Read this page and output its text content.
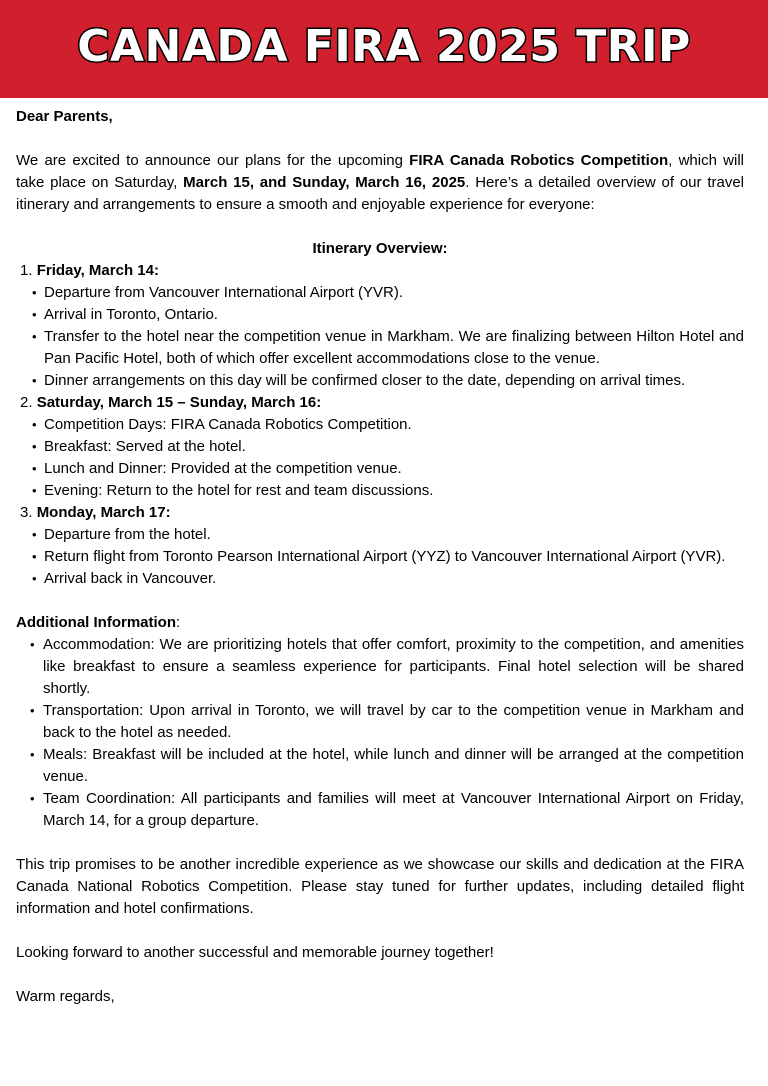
CANADA FIRA 2025 TRIP

Dear Parents,

We are excited to announce our plans for the upcoming FIRA Canada Robotics Competition, which will take place on Saturday, March 15, and Sunday, March 16, 2025. Here’s a detailed overview of our travel itinerary and arrangements to ensure a smooth and enjoyable experience for everyone:

Itinerary Overview:

1. Friday, March 14:

• Departure from Vancouver International Airport (YVR).
• Arrival in Toronto, Ontario.
• Transfer to the hotel near the competition venue in Markham. We are finalizing between Hilton Hotel and Pan Pacific Hotel, both of which offer excellent accommodations close to the venue.
• Dinner arrangements on this day will be confirmed closer to the date, depending on arrival times.

2. Saturday, March 15 – Sunday, March 16:

• Competition Days: FIRA Canada Robotics Competition.
• Breakfast: Served at the hotel.
• Lunch and Dinner: Provided at the competition venue.
• Evening: Return to the hotel for rest and team discussions.

3. Monday, March 17:

• Departure from the hotel.
• Return flight from Toronto Pearson International Airport (YYZ) to Vancouver International Airport (YVR).
• Arrival back in Vancouver.

Additional Information:

• Accommodation: We are prioritizing hotels that offer comfort, proximity to the competition, and amenities like breakfast to ensure a seamless experience for participants. Final hotel selection will be shared shortly.
• Transportation: Upon arrival in Toronto, we will travel by car to the competition venue in Markham and back to the hotel as needed.
• Meals: Breakfast will be included at the hotel, while lunch and dinner will be arranged at the competition venue.
• Team Coordination: All participants and families will meet at Vancouver International Airport on Friday, March 14, for a group departure.

This trip promises to be another incredible experience as we showcase our skills and dedication at the FIRA Canada National Robotics Competition. Please stay tuned for further updates, including detailed flight information and hotel confirmations.

Looking forward to another successful and memorable journey together!

Warm regards,
